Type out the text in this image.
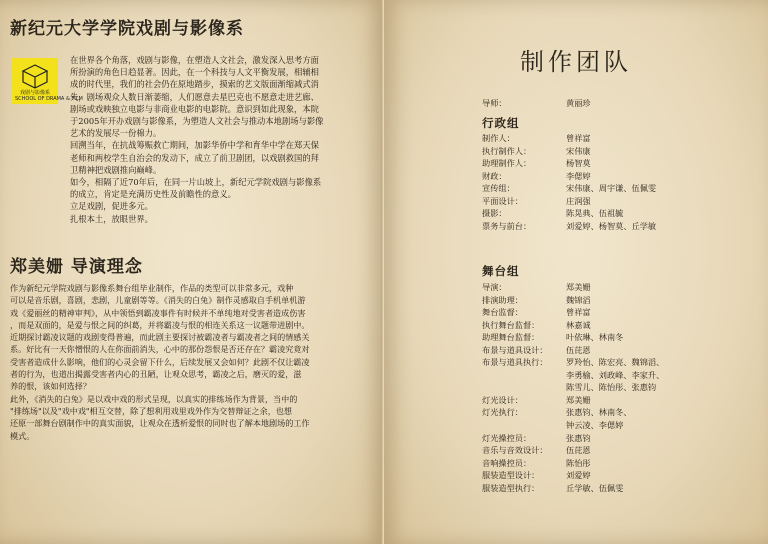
新纪元大学学院戏剧与影像系
戏剧与影像系
SCHOOL OF DRAMA & FILM
在世界各个角落，戏剧与影像，在塑造人文社会，激发深入思考方面
所扮演的角色日趋显著。因此，在一个科技与人文平衡发展，相辅相
成的时代里，我们的社会仍在原地踏步，摸索的艺文版面渐缩减式消
失，剧场观众人数日渐萎缩，人们愿意去星巴克也不愿意走进艺廊、
剧场或戏映独立电影与非商业电影的电影院。意识到如此现象，本院
于2005年开办戏剧与影像系，为塑造人文社会与推动本地剧场与影像
艺术的发展尽一份棉力。
回溯当年，在抗战筹赈救亡期间，加影华侨中学和育华中学在郑天保
老师和两校学生自治会的发动下，成立了前卫剧团，以戏剧救国的拜
卫精神把戏剧推向巅峰。
如今，相隔了近70年后，在同一片山坡上，新纪元学院戏剧与影像系
的成立，肯定是充满历史性及前瞻性的意义。
立足戏剧，促进多元。
扎根本土，放眼世界。
郑美姗 导演理念
作为新纪元学院戏剧与影像系舞台组毕业制作，作品的类型可以非常多元，戏种
可以是音乐剧，喜剧，悲剧，儿童剧等等。《消失的白兔》制作灵感取自手机单机游
戏《爱丽丝的精神审判》，从中领悟到霸凌事件有时候并不单纯地对受害者造成伤害
，而是双面的，是爱与恨之间的纠葛，并将霸凌与恨的相连关系这一议题带进剧中。
近期探讨霸凌议题的戏剧变得普遍，而此剧主要探讨被霸凌者与霸凌者之间的情感关
系。好比有一天你憎恨的人在你面前消失，心中的那份怨恨是否还存在？霸凌究竟对
受害者造成什么影响，他们的心灵会留下什么，后续发展又会如何？此剧不仅让霸凌
者的行为，也道出揭露受害者内心的丑陋，让观众思考，霸凌之后，磨灭的爱，滋
养的恨，该如何选择？
此外，《消失的白兔》是以戏中戏的形式呈现，以真实的排练场作为背景，当中的
"排练场"以及"戏中戏"相互交替，除了想利用戏里戏外作为交替辩证之余，也想
还原一部舞台剧制作中的真实面貌，让观众在透析爱恨的同时也了解本地剧场的工作
模式。
制作团队
导师：	黄丽珍
行政组
制作人：	曾祥富
执行制作人：	宋伟康
助理制作人：	杨智莫
财政：	李偲婷
宣传组：	宋伟康、周宇谦、伍佩雯
平面设计：	庄润强
摄影：	陈晃典、伍祖毓
票务与前台：	刘爱婷、杨智莫、丘学敏
舞台组
导演：	郑美姗
排演助理：	魏锦滔
舞台监督：	曾祥富
执行舞台监督：	林嘉诚
助理舞台监督：	叶依琳、林南冬
布景与道具设计：	伍芘恩
布景与道具执行：	罗羚怡、陈宏亮、魏锦滔、
李勇榆、刘政峰、李家升、
陈雪儿、陈怡彤、张惠钧
灯光设计：	郑美姗
灯光执行：	张惠钧、林南冬、
钟云凌、李偲婷
灯光操控员：	张惠钧
音乐与音效设计：	伍芘恩
音响操控员：	陈怡彤
服装造型设计：	刘爱婷
服装造型执行：	丘学敏、伍佩雯
